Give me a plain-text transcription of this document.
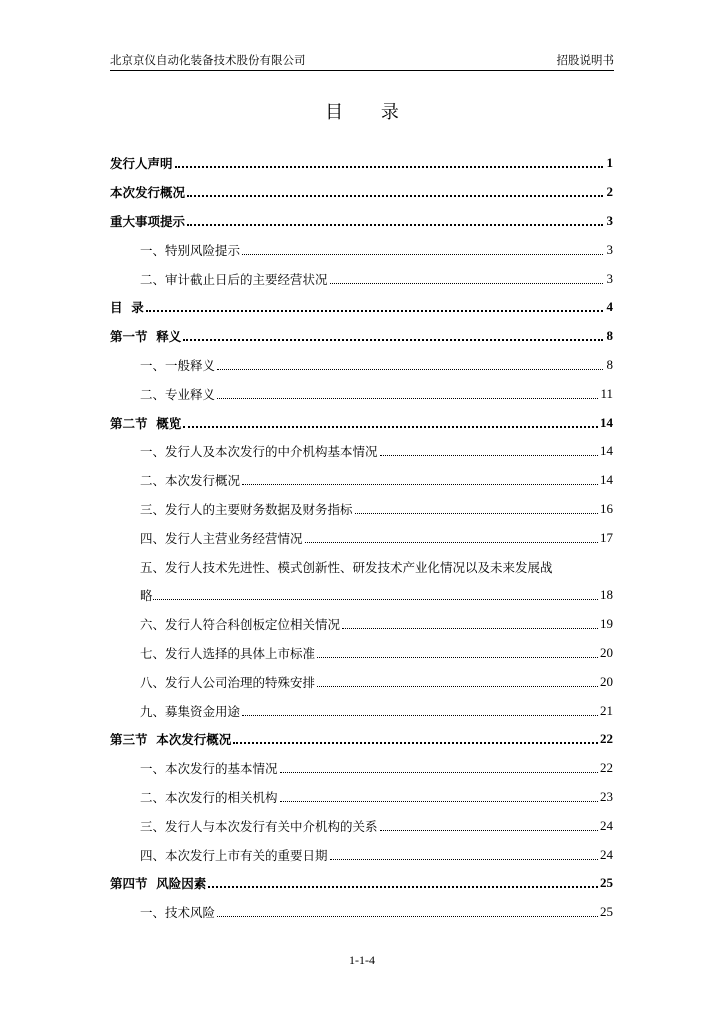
北京京仪自动化装备技术股份有限公司	招股说明书
目 录
发行人声明	1
本次发行概况	2
重大事项提示	3
一、特别风险提示	3
二、审计截止日后的主要经营状况	3
目  录	4
第一节  释义	8
一、一般释义	8
二、专业释义	11
第二节  概览	14
一、发行人及本次发行的中介机构基本情况	14
二、本次发行概况	14
三、发行人的主要财务数据及财务指标	16
四、发行人主营业务经营情况	17
五、发行人技术先进性、模式创新性、研发技术产业化情况以及未来发展战
略	18
六、发行人符合科创板定位相关情况	19
七、发行人选择的具体上市标准	20
八、发行人公司治理的特殊安排	20
九、募集资金用途	21
第三节  本次发行概况	22
一、本次发行的基本情况	22
二、本次发行的相关机构	23
三、发行人与本次发行有关中介机构的关系	24
四、本次发行上市有关的重要日期	24
第四节  风险因素	25
一、技术风险	25
1-1-4
